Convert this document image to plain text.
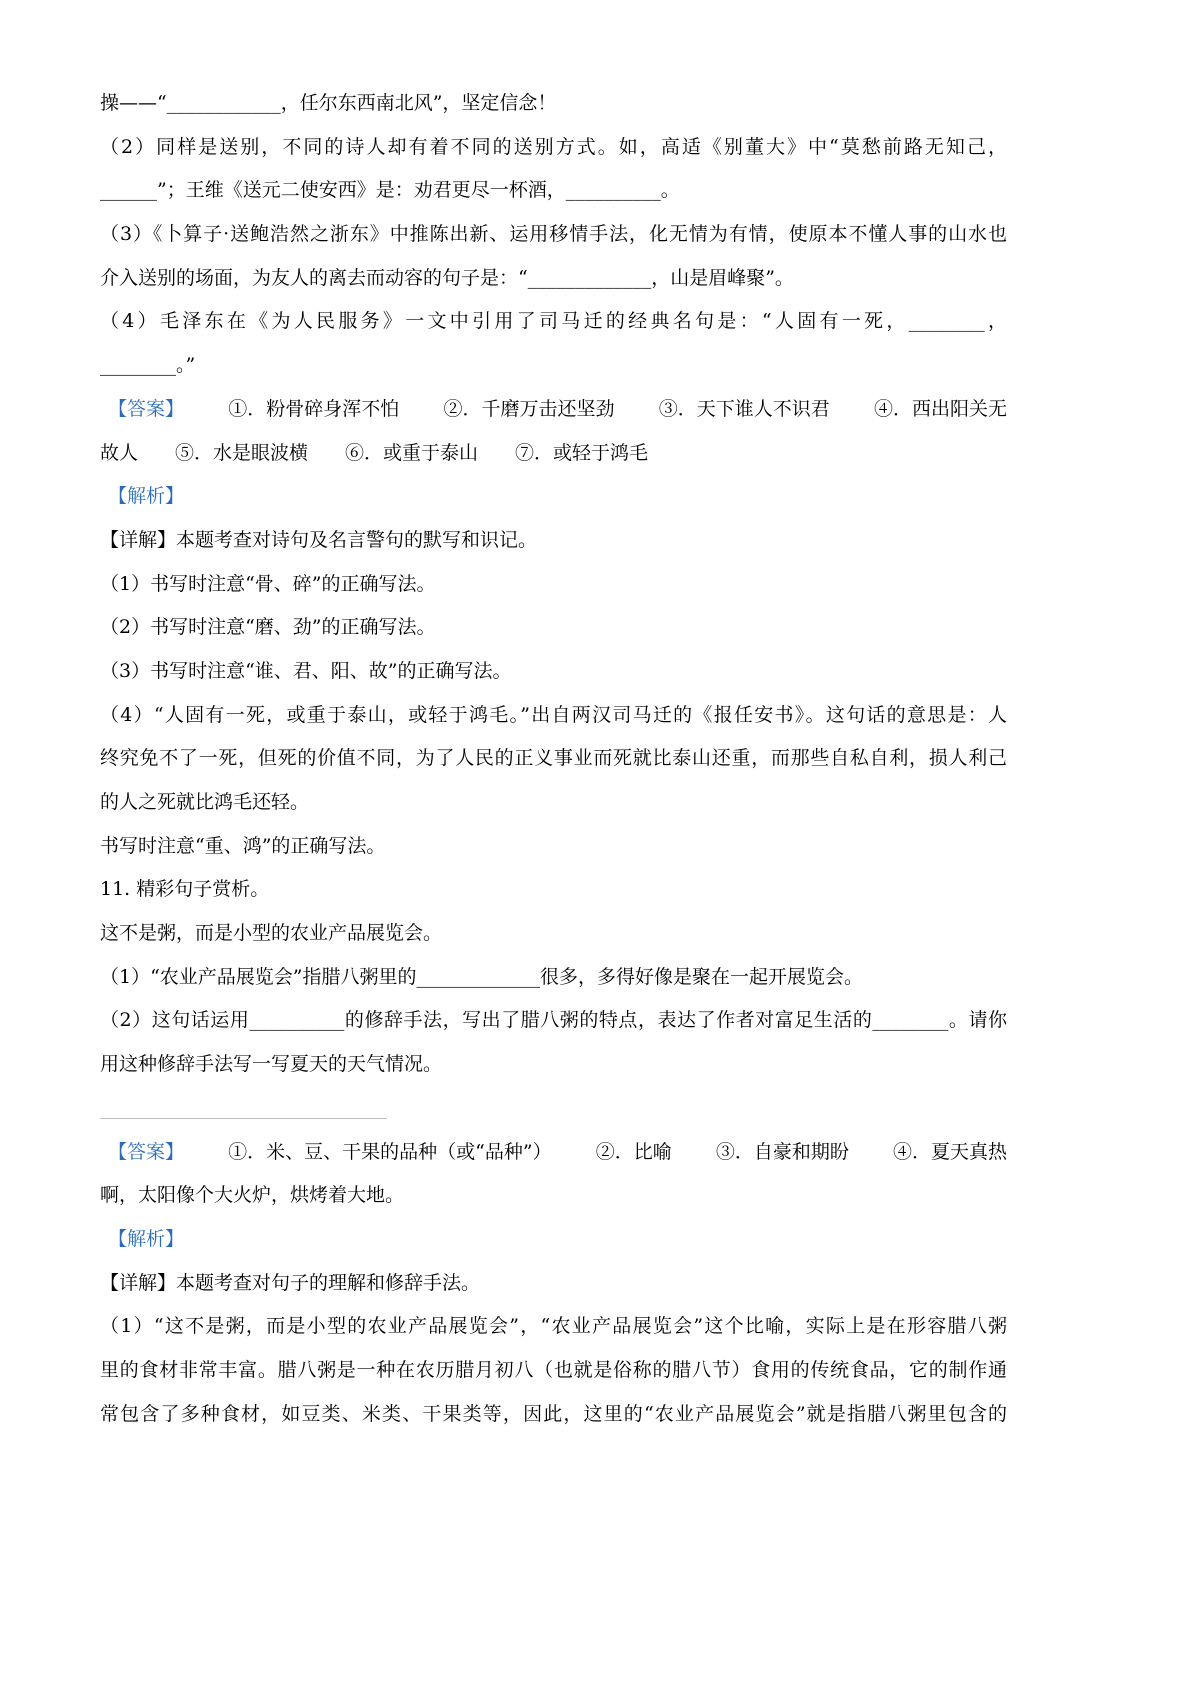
操——“____________，任尔东西南北风”，坚定信念！
（2）同样是送别，不同的诗人却有着不同的送别方式。如，高适《别董大》中“莫愁前路无知己，
______”；王维《送元二使安西》是：劝君更尽一杯酒，__________。
（3）《卜算子·送鲍浩然之浙东》中推陈出新、运用移情手法，化无情为有情，使原本不懂人事的山水也
介入送别的场面，为友人的离去而动容的句子是：“_____________，山是眉峰聚”。
（4）毛泽东在《为人民服务》一文中引用了司马迁的经典名句是：“人固有一死，________，
________。”
【答案】 ①．粉骨碎身浑不怕 ②．千磨万击还坚劲 ③．天下谁人不识君 ④．西出阳关无
故人 ⑤．水是眼波横 ⑥．或重于泰山 ⑦．或轻于鸿毛
【解析】
【详解】本题考查对诗句及名言警句的默写和识记。
（1）书写时注意“骨、碎”的正确写法。
（2）书写时注意“磨、劲”的正确写法。
（3）书写时注意“谁、君、阳、故”的正确写法。
（4）“人固有一死，或重于泰山，或轻于鸿毛。”出自两汉司马迁的《报任安书》。这句话的意思是：人
终究免不了一死，但死的价值不同，为了人民的正义事业而死就比泰山还重，而那些自私自利，损人利己
的人之死就比鸿毛还轻。
书写时注意“重、鸿”的正确写法。
11. 精彩句子赏析。
这不是粥，而是小型的农业产品展览会。
（1）“农业产品展览会”指腊八粥里的_____________很多，多得好像是聚在一起开展览会。
（2）这句话运用__________的修辞手法，写出了腊八粥的特点，表达了作者对富足生活的________。请你
用这种修辞手法写一写夏天的天气情况。
【答案】 ①．米、豆、干果的品种（或“品种”） ②．比喻 ③．自豪和期盼 ④．夏天真热
啊，太阳像个大火炉，烘烤着大地。
【解析】
【详解】本题考查对句子的理解和修辞手法。
（1）“这不是粥，而是小型的农业产品展览会”，“农业产品展览会”这个比喻，实际上是在形容腊八粥
里的食材非常丰富。腊八粥是一种在农历腊月初八（也就是俗称的腊八节）食用的传统食品，它的制作通
常包含了多种食材，如豆类、米类、干果类等，因此，这里的“农业产品展览会”就是指腊八粥里包含的
